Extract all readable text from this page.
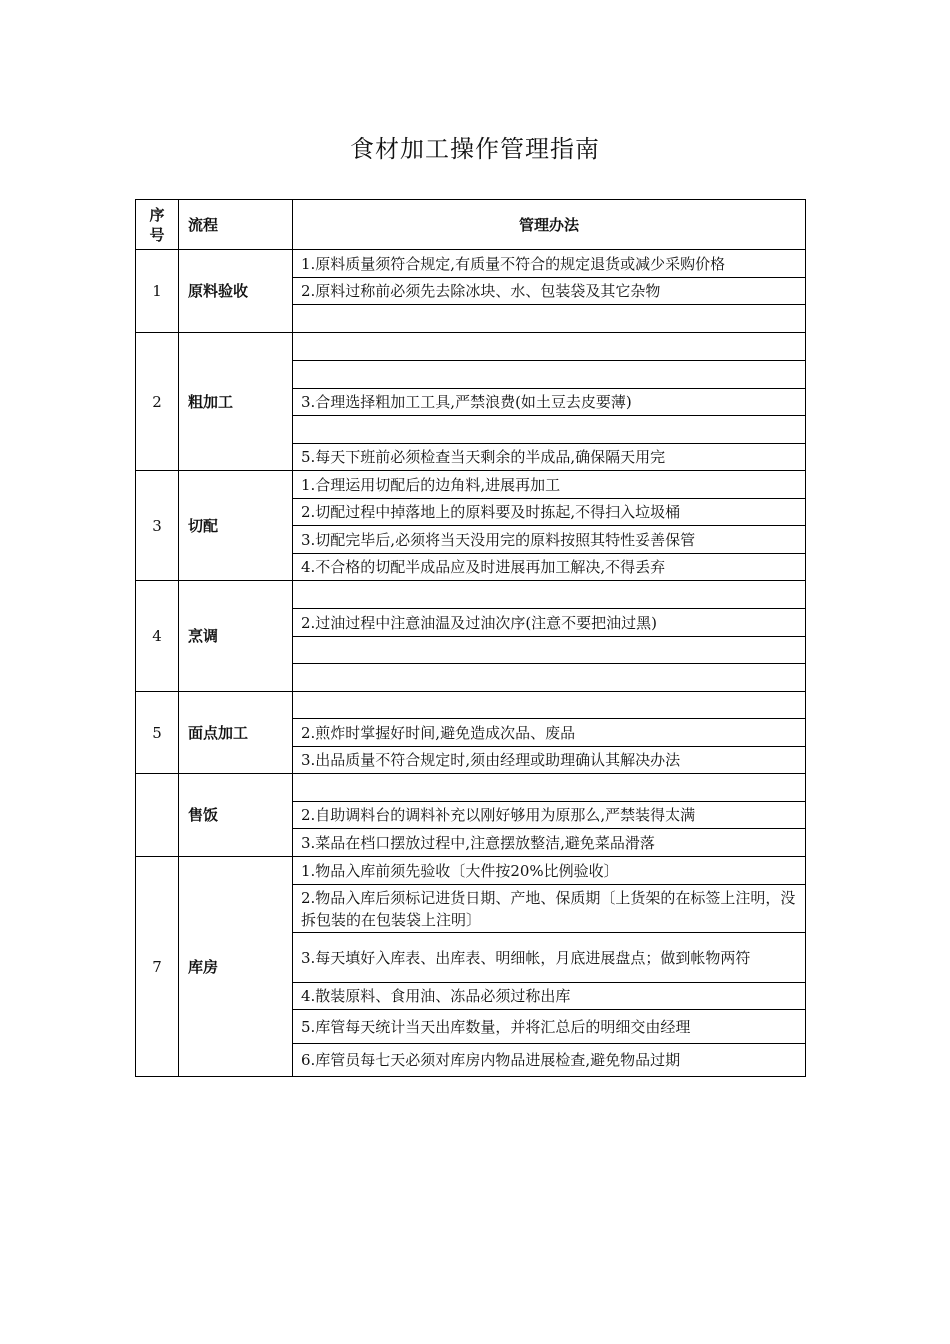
食材加工操作管理指南
序号	流程	管理办法
1	原料验收	1.原料质量须符合规定,有质量不符合的规定退货或减少采购价格
		2.原料过称前必须先去除冰块、水、包装袋及其它杂物

2	粗加工	

		3.合理选择粗加工工具,严禁浪费(如土豆去皮要薄)

		5.每天下班前必须检查当天剩余的半成品,确保隔天用完
3	切配	1.合理运用切配后的边角料,进展再加工
		2.切配过程中掉落地上的原料要及时拣起,不得扫入垃圾桶
		3.切配完毕后,必须将当天没用完的原料按照其特性妥善保管
		4.不合格的切配半成品应及时进展再加工解决,不得丢弃
4	烹调	
		2.过油过程中注意油温及过油次序(注意不要把油过黑)

5	面点加工	
		2.煎炸时掌握好时间,避免造成次品、废品
		3.出品质量不符合规定时,须由经理或助理确认其解决办法
	售饭	
		2.自助调料台的调料补充以刚好够用为原那么,严禁装得太满
		3.菜品在档口摆放过程中,注意摆放整洁,避免菜品滑落
7	库房	1.物品入库前须先验收〔大件按20%比例验收〕
		2.物品入库后须标记进货日期、产地、保质期〔上货架的在标签上注明，没拆包装的在包装袋上注明〕
		3.每天填好入库表、出库表、明细帐，月底进展盘点；做到帐物两符
		4.散装原料、食用油、冻品必须过称出库
		5.库管每天统计当天出库数量，并将汇总后的明细交由经理
		6.库管员每七天必须对库房内物品进展检查,避免物品过期
